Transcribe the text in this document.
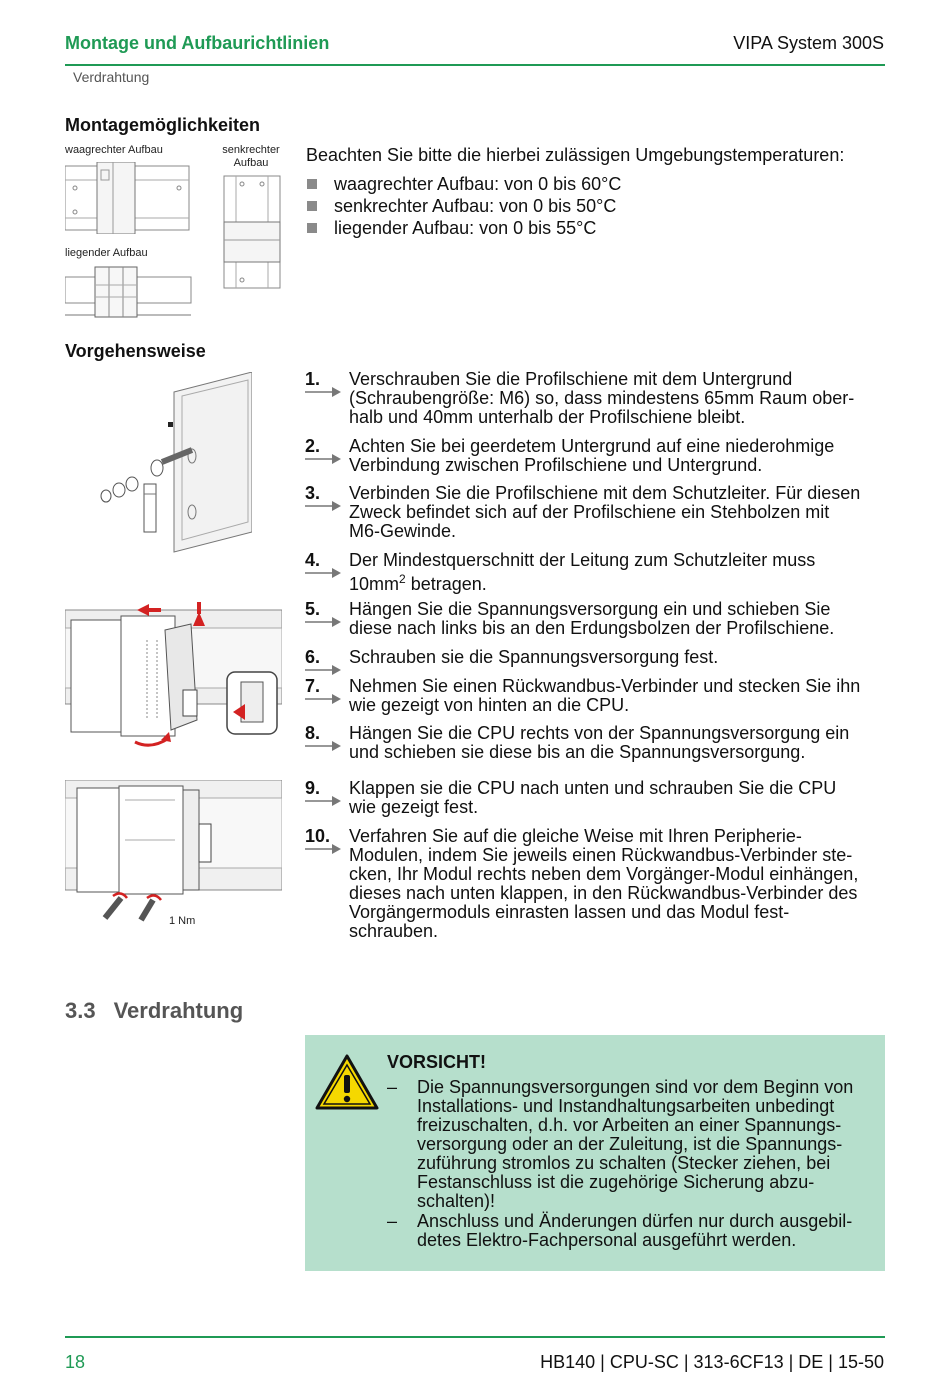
Montage und Aufbaurichtlinien	VIPA System 300S
Verdrahtung
Montagemöglichkeiten
waagrechter Aufbau	senkrechter
Aufbau
liegender Aufbau
Beachten Sie bitte die hierbei zulässigen Umgebungstemperaturen:
waagrechter Aufbau: von 0 bis 60°C
senkrechter Aufbau: von 0 bis 50°C
liegender Aufbau: von 0 bis 55°C
Vorgehensweise
1 Nm
1. Verschrauben Sie die Profilschiene mit dem Untergrund
(Schraubengröße: M6) so, dass mindestens 65mm Raum ober-
halb und 40mm unterhalb der Profilschiene bleibt.
2. Achten Sie bei geerdetem Untergrund auf eine niederohmige
Verbindung zwischen Profilschiene und Untergrund.
3. Verbinden Sie die Profilschiene mit dem Schutzleiter. Für diesen
Zweck befindet sich auf der Profilschiene ein Stehbolzen mit
M6-Gewinde.
4. Der Mindestquerschnitt der Leitung zum Schutzleiter muss
$10mm^2$ betragen.
5. Hängen Sie die Spannungsversorgung ein und schieben Sie
diese nach links bis an den Erdungsbolzen der Profilschiene.
6. Schrauben sie die Spannungsversorgung fest.
7. Nehmen Sie einen Rückwandbus-Verbinder und stecken Sie ihn
wie gezeigt von hinten an die CPU.
8. Hängen Sie die CPU rechts von der Spannungsversorgung ein
und schieben sie diese bis an die Spannungsversorgung.
9. Klappen sie die CPU nach unten und schrauben Sie die CPU
wie gezeigt fest.
10. Verfahren Sie auf die gleiche Weise mit Ihren Peripherie-
Modulen, indem Sie jeweils einen Rückwandbus-Verbinder ste-
cken, Ihr Modul rechts neben dem Vorgänger-Modul einhängen,
dieses nach unten klappen, in den Rückwandbus-Verbinder des
Vorgängermoduls einrasten lassen und das Modul fest-
schrauben.
3.3 Verdrahtung
VORSICHT!
– Die Spannungsversorgungen sind vor dem Beginn von
Installations- und Instandhaltungsarbeiten unbedingt
freizuschalten, d.h. vor Arbeiten an einer Spannungs-
versorgung oder an der Zuleitung, ist die Spannungs-
zuführung stromlos zu schalten (Stecker ziehen, bei
Festanschluss ist die zugehörige Sicherung abzu-
schalten)!
– Anschluss und Änderungen dürfen nur durch ausgebil-
detes Elektro-Fachpersonal ausgeführt werden.
18	HB140 | CPU-SC | 313-6CF13 | DE | 15-50
